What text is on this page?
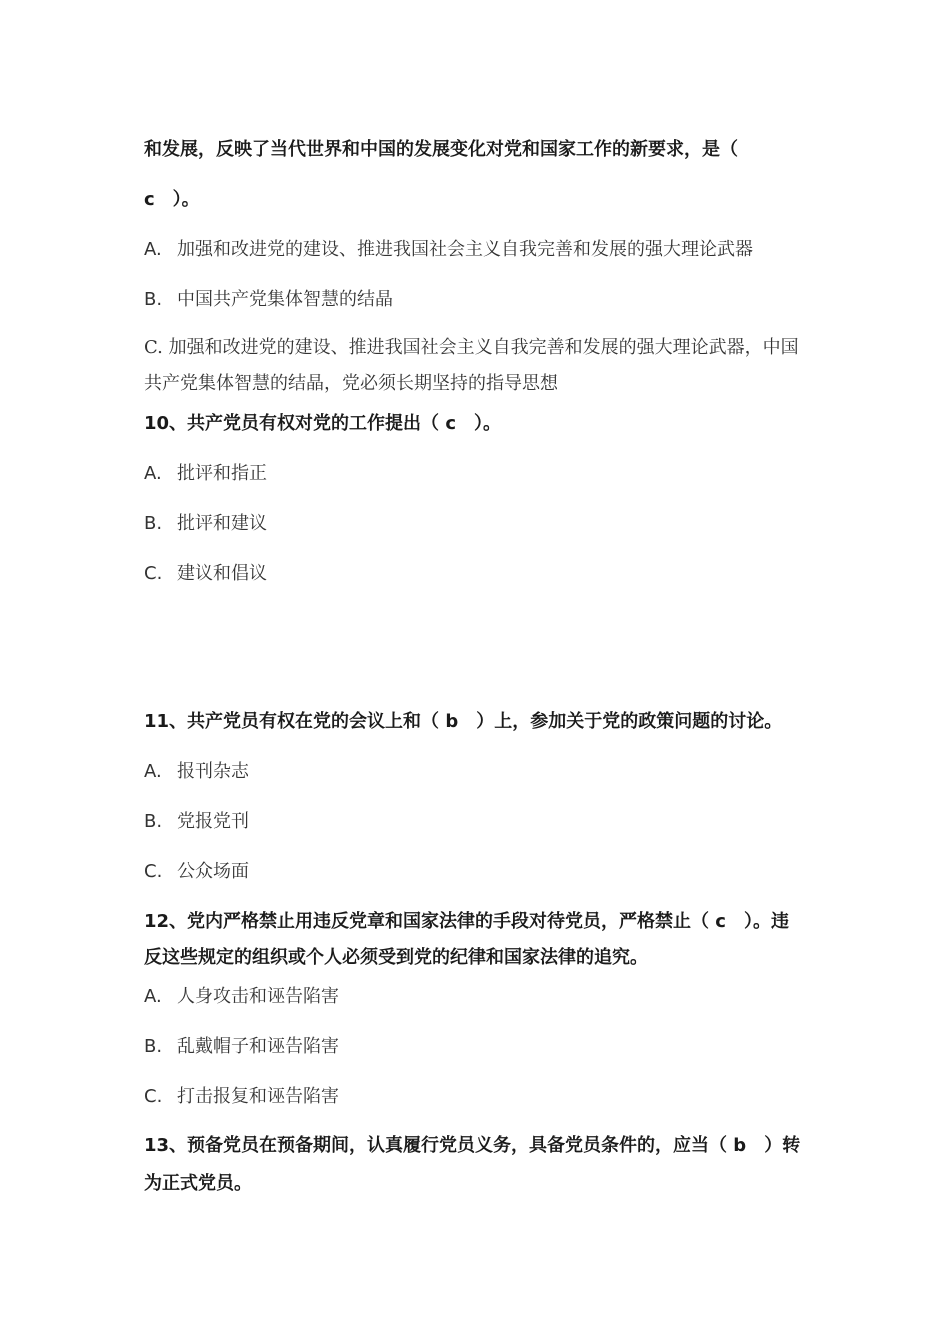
和发展，反映了当代世界和中国的发展变化对党和国家工作的新要求，是（
c　）。
A. 加强和改进党的建设、推进我国社会主义自我完善和发展的强大理论武器
B. 中国共产党集体智慧的结晶
C. 加强和改进党的建设、推进我国社会主义自我完善和发展的强大理论武器，中国共产党集体智慧的结晶，党必须长期坚持的指导思想
10、共产党员有权对党的工作提出（ c　）。
A. 批评和指正
B. 批评和建议
C. 建议和倡议
11、共产党员有权在党的会议上和（ b　）上，参加关于党的政策问题的讨论。
A. 报刊杂志
B. 党报党刊
C. 公众场面
12、党内严格禁止用违反党章和国家法律的手段对待党员，严格禁止（ c　）。违
反这些规定的组织或个人必须受到党的纪律和国家法律的追究。
A. 人身攻击和诬告陷害
B. 乱戴帽子和诬告陷害
C. 打击报复和诬告陷害
13、预备党员在预备期间，认真履行党员义务，具备党员条件的，应当（ b　）转
为正式党员。
